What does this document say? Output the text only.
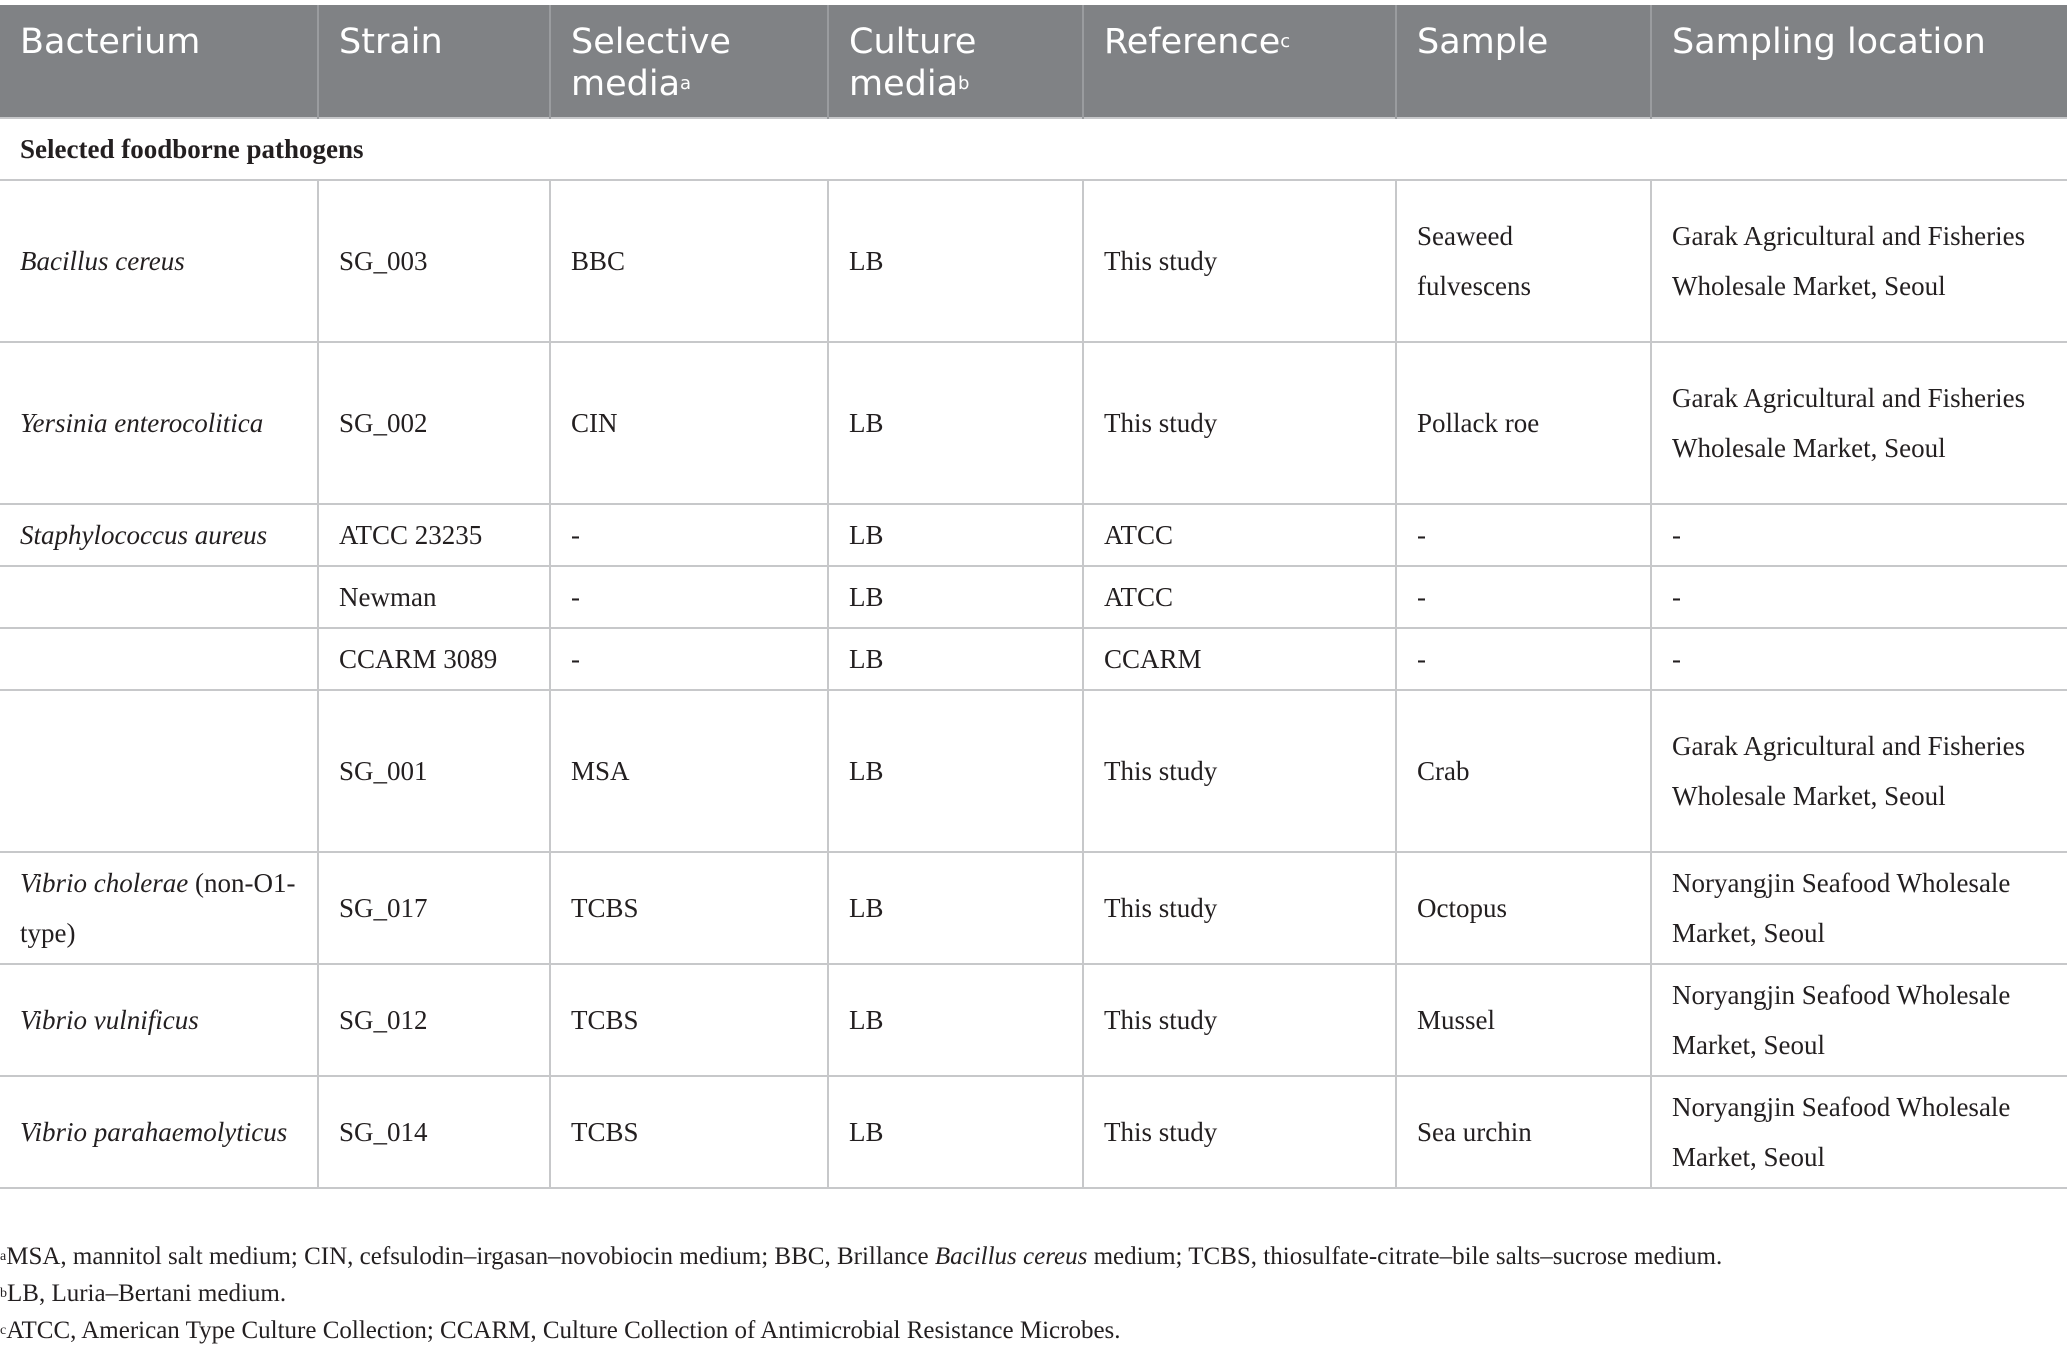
Bacterium	Strain	Selective media$^a$	Culture media$^b$	Reference$^c$	Sample	Sampling location
Selected foodborne pathogens						
Bacillus cereus	SG_003	BBC	LB	This study	Seaweed fulvescens	Garak Agricultural and Fisheries Wholesale Market, Seoul
Yersinia enterocolitica	SG_002	CIN	LB	This study	Pollack roe	Garak Agricultural and Fisheries Wholesale Market, Seoul
Staphylococcus aureus	ATCC 23235	-	LB	ATCC	-	-
	Newman	-	LB	ATCC	-	-
	CCARM 3089	-	LB	CCARM	-	-
	SG_001	MSA	LB	This study	Crab	Garak Agricultural and Fisheries Wholesale Market, Seoul
Vibrio cholerae (non-O1-type)	SG_017	TCBS	LB	This study	Octopus	Noryangjin Seafood Wholesale Market, Seoul
Vibrio vulnificus	SG_012	TCBS	LB	This study	Mussel	Noryangjin Seafood Wholesale Market, Seoul
Vibrio parahaemolyticus	SG_014	TCBS	LB	This study	Sea urchin	Noryangjin Seafood Wholesale Market, Seoul

$^a$MSA, mannitol salt medium; CIN, cefsulodin–irgasan–novobiocin medium; BBC, Brillance Bacillus cereus medium; TCBS, thiosulfate-citrate–bile salts–sucrose medium.

$^b$LB, Luria–Bertani medium.

$^c$ATCC, American Type Culture Collection; CCARM, Culture Collection of Antimicrobial Resistance Microbes.
